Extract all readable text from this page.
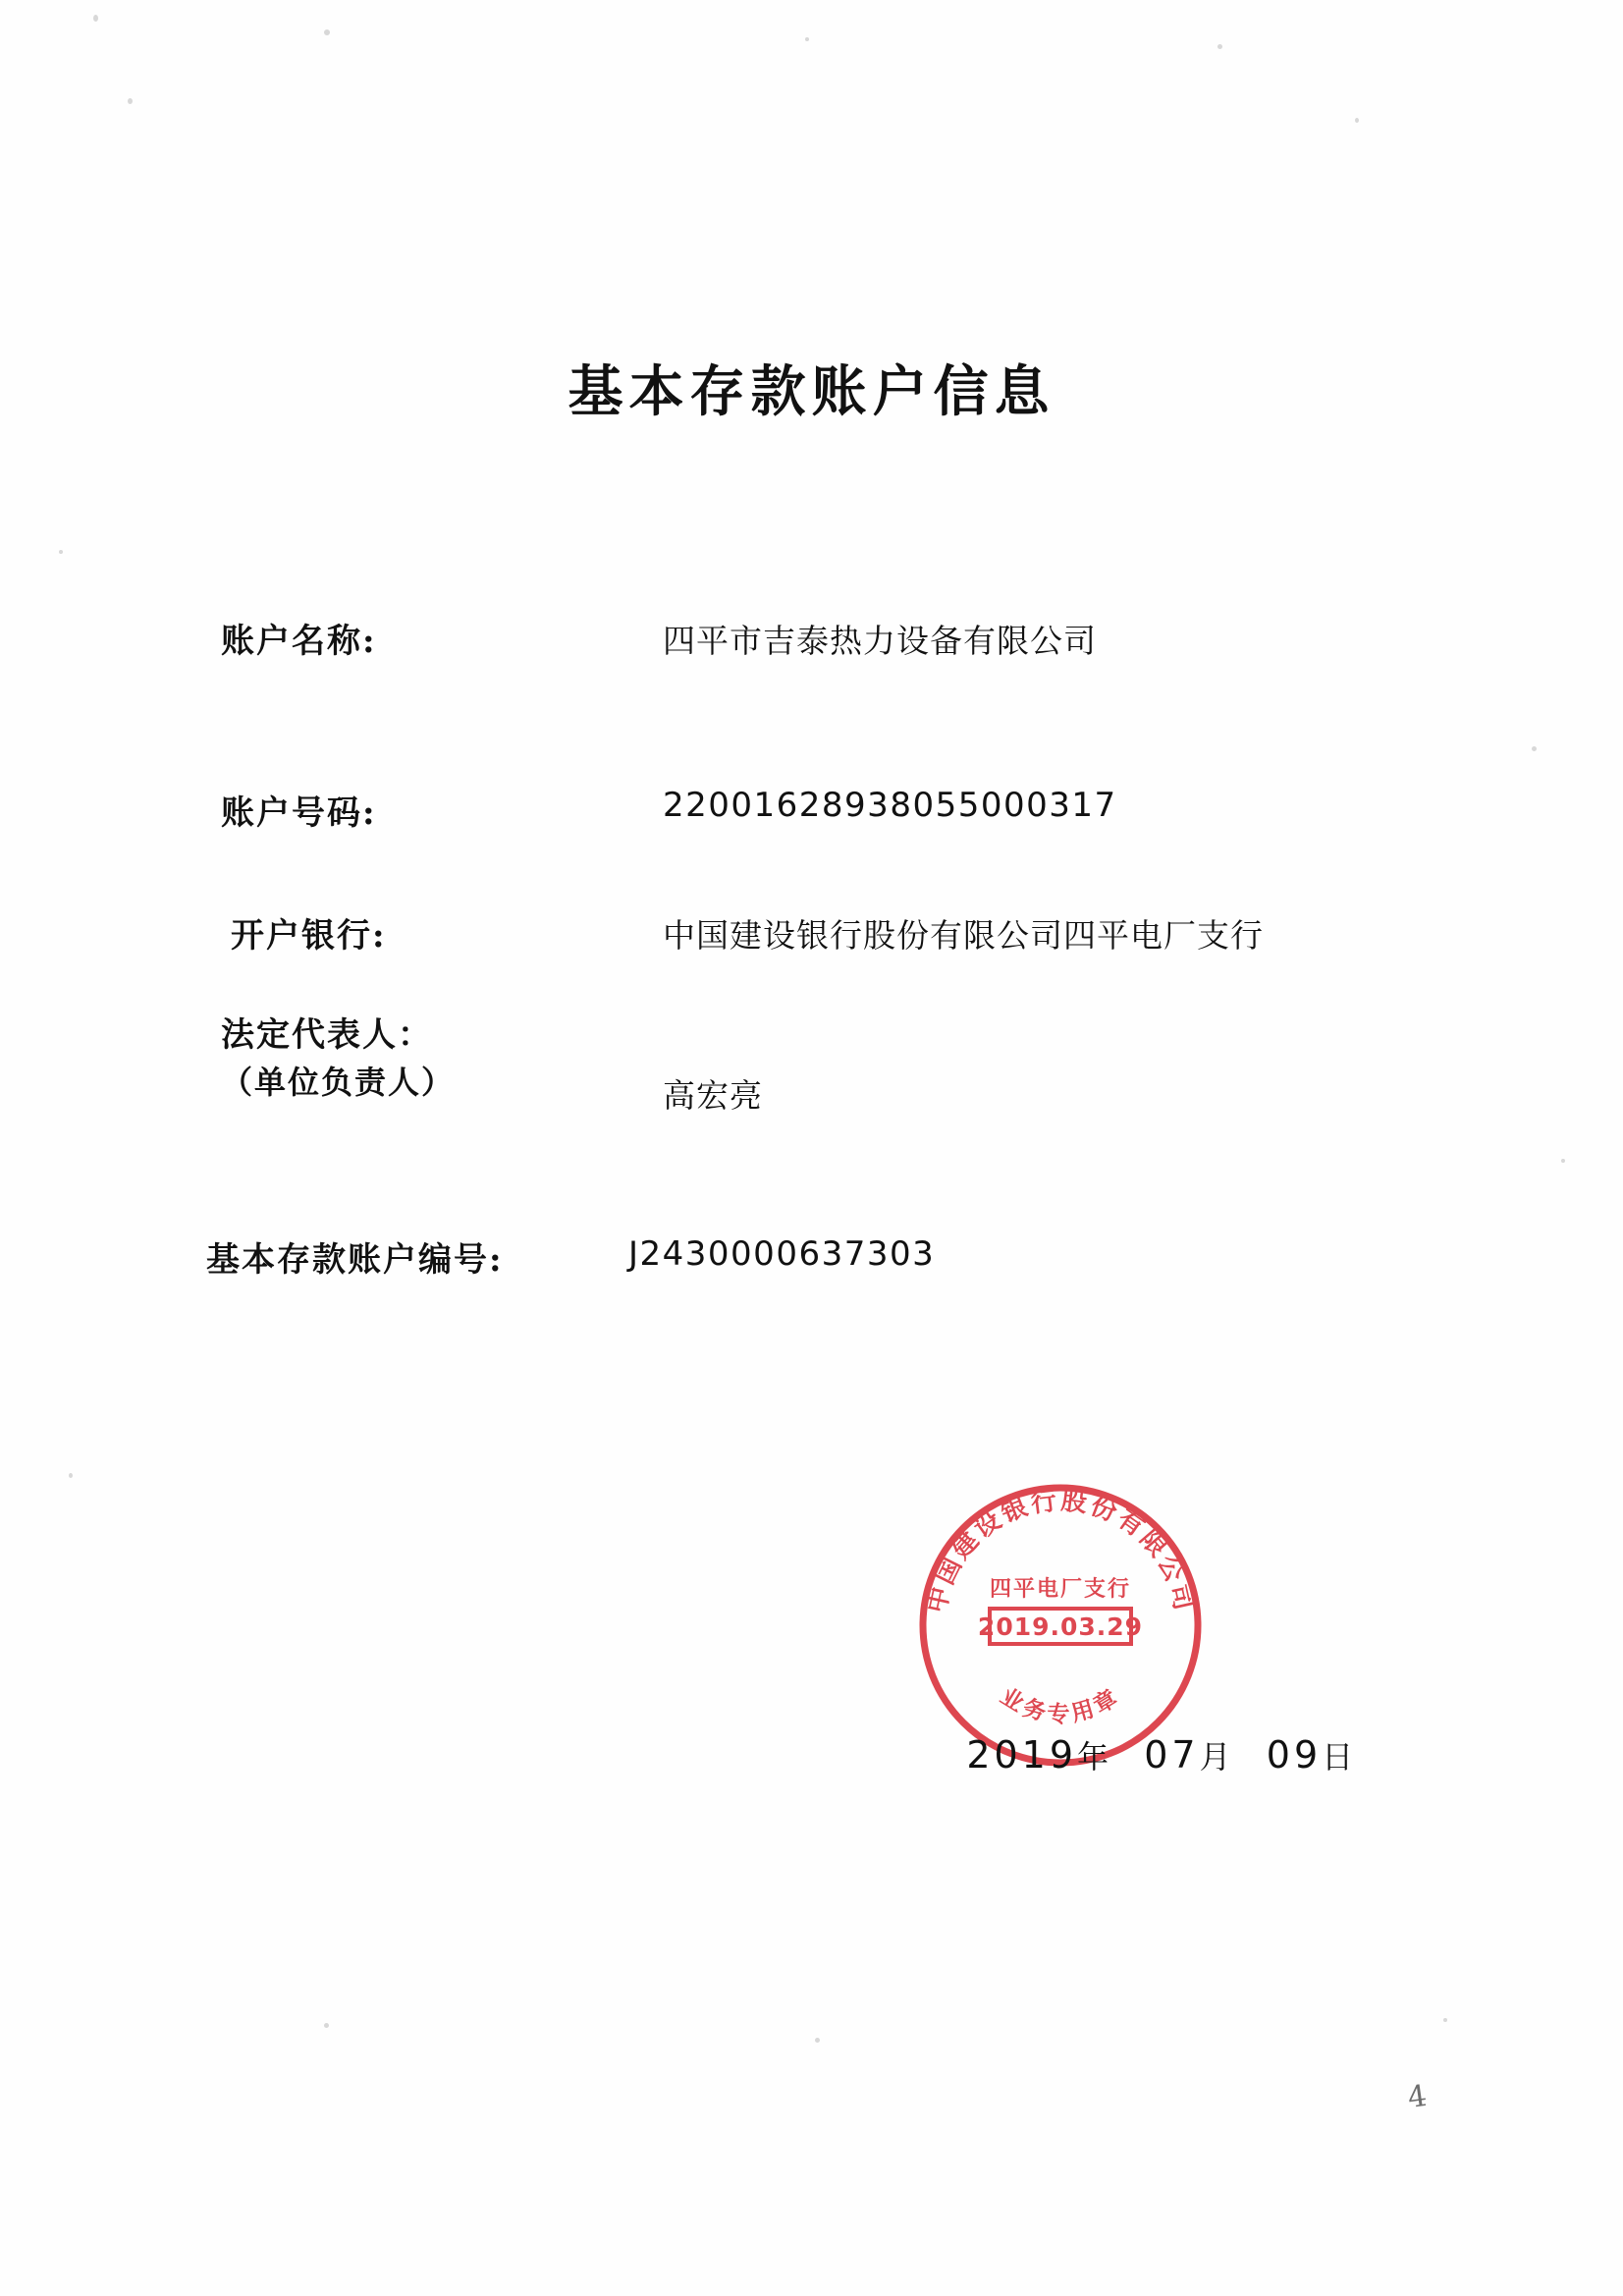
基本存款账户信息
账户名称:	四平市吉泰热力设备有限公司
账户号码:	22001628938055000317
开户银行:	中国建设银行股份有限公司四平电厂支行
法定代表人：
（单位负责人）	高宏亮
基本存款账户编号:	J2430000637303
中国建设银行股份有限公司
业务专用章
四平电厂支行
2019.03.29

2019年 07月 09日

4
